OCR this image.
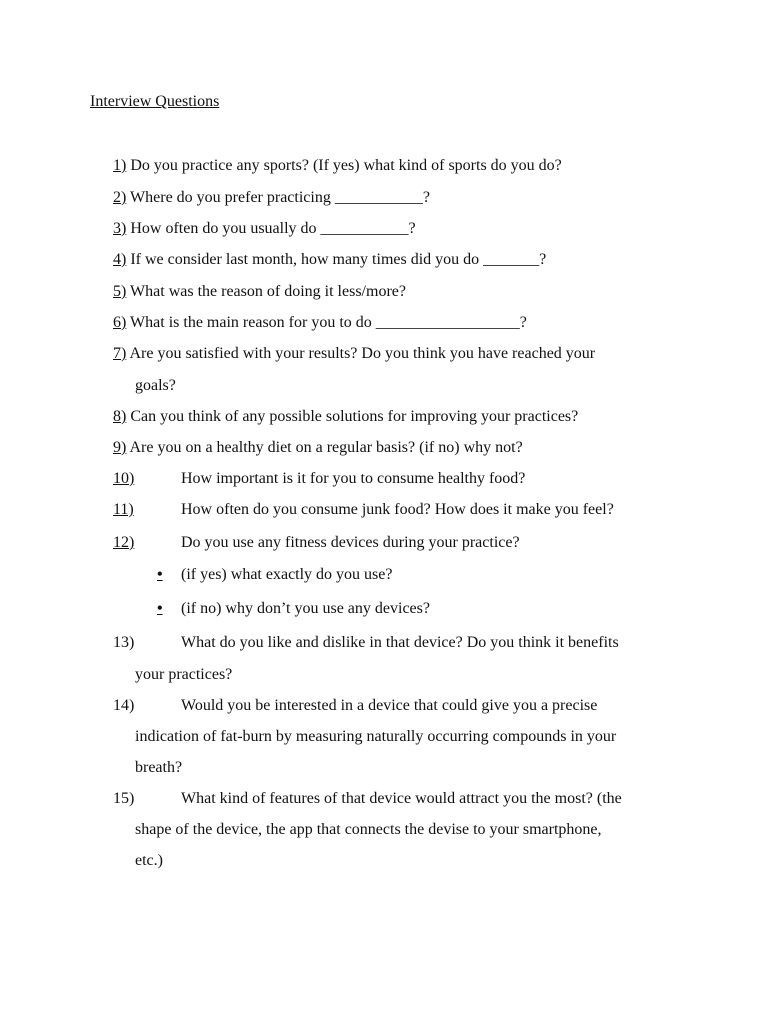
Interview Questions
1) Do you practice any sports? (If yes) what kind of sports do you do?
2) Where do you prefer practicing ___________?
3) How often do you usually do ___________?
4) If we consider last month, how many times did you do _______?
5) What was the reason of doing it less/more?
6) What is the main reason for you to do __________________?
7) Are you satisfied with your results? Do you think you have reached your
goals?
8) Can you think of any possible solutions for improving your practices?
9) Are you on a healthy diet on a regular basis? (if no) why not?
10)	How important is it for you to consume healthy food?
11)	How often do you consume junk food? How does it make you feel?
12)	Do you use any fitness devices during your practice?
• (if yes) what exactly do you use?
• (if no) why don’t you use any devices?
13)	What do you like and dislike in that device? Do you think it benefits
your practices?
14)	Would you be interested in a device that could give you a precise
indication of fat-burn by measuring naturally occurring compounds in your
breath?
15)	What kind of features of that device would attract you the most? (the
shape of the device, the app that connects the devise to your smartphone,
etc.)
